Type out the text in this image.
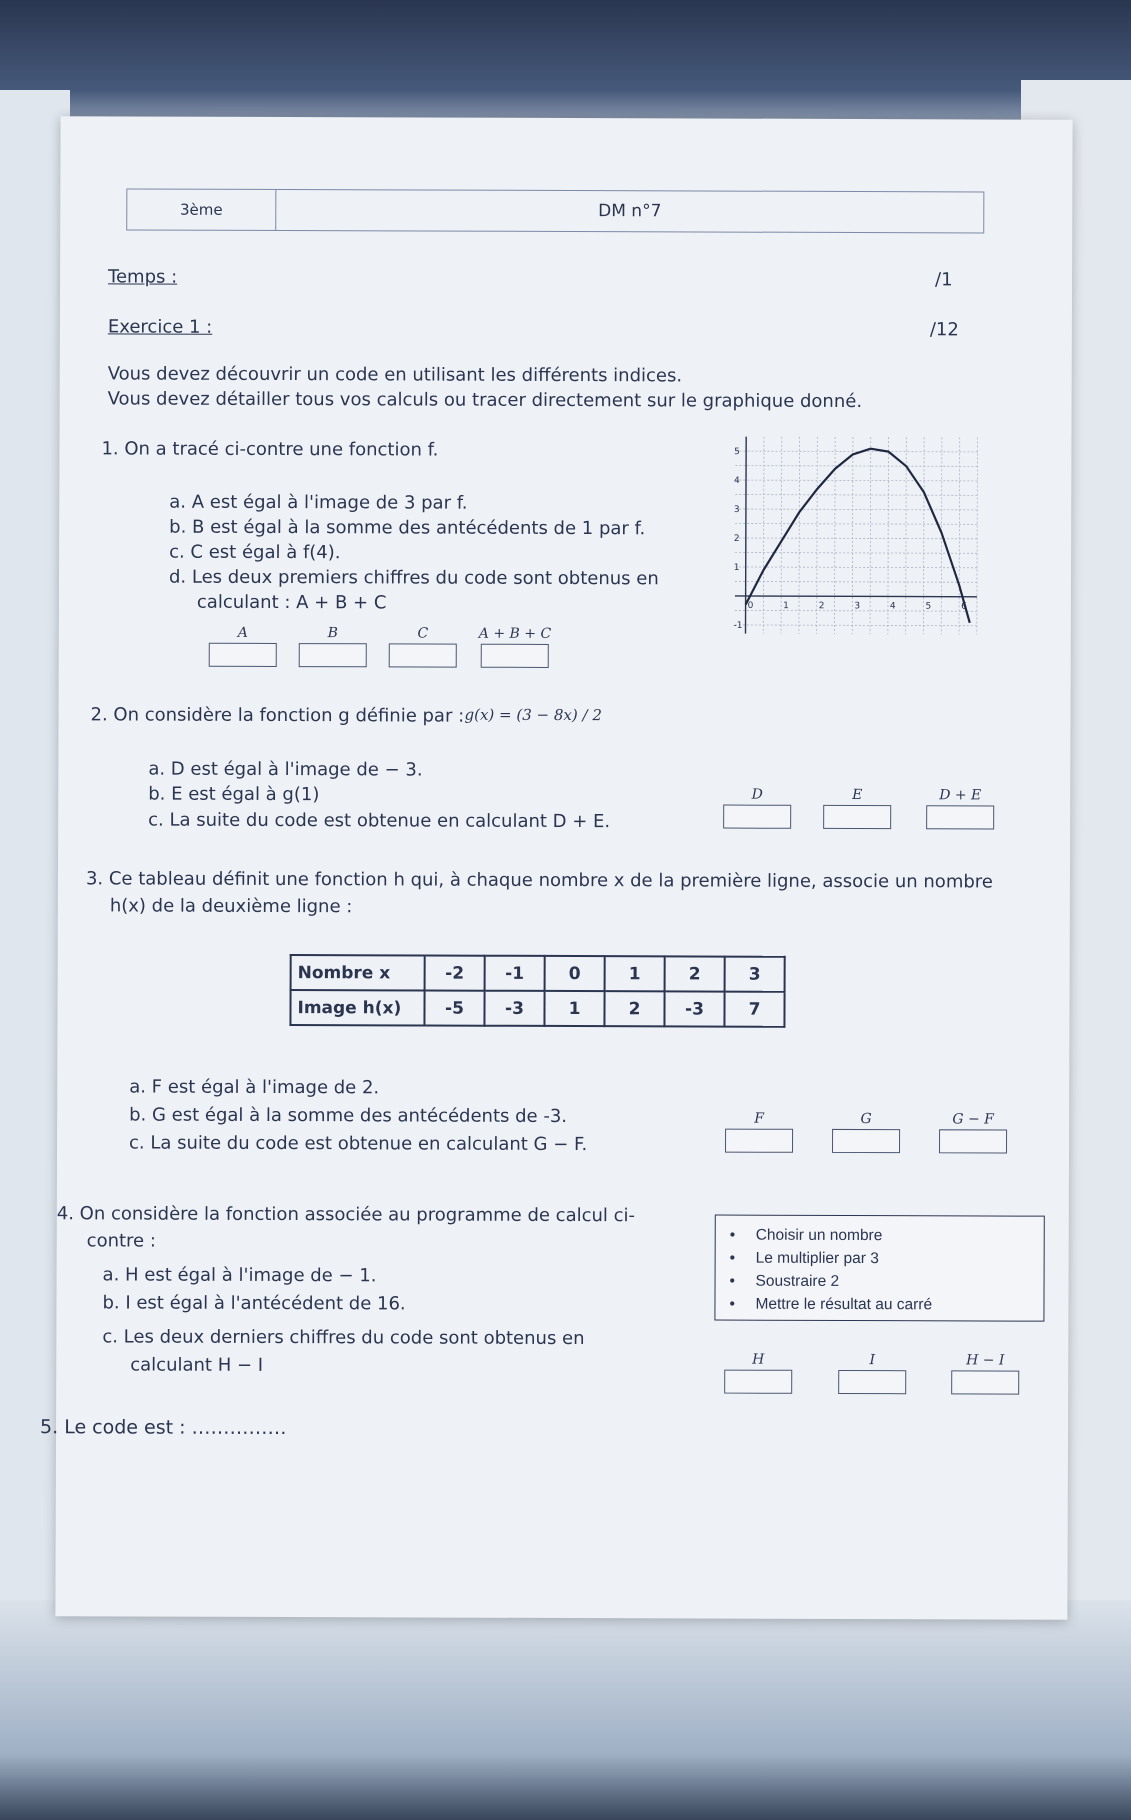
3ème	DM n°7
Temps :	/1
Exercice 1 :	/12
Vous devez découvrir un code en utilisant les différents indices.
Vous devez détailler tous vos calculs ou tracer directement sur le graphique donné.
1. On a tracé ci-contre une fonction f.
a. A est égal à l'image de 3 par f.
b. B est égal à la somme des antécédents de 1 par f.
c. C est égal à f(4).
d. Les deux premiers chiffres du code sont obtenus en
calculant : A + B + C
A	B	C	A + B + C
0	1	2	3	4	5	6
-1
1
2
3
4
5
2. On considère la fonction g définie par : g(x) = (3 − 8x) / 2
a. D est égal à l'image de − 3.
b. E est égal à g(1)
c. La suite du code est obtenue en calculant D + E.
D	E	D + E
3. Ce tableau définit une fonction h qui, à chaque nombre x de la première ligne, associe un nombre
h(x) de la deuxième ligne :
Nombre x	-2	-1	0	1	2	3
Image h(x)	-5	-3	1	2	-3	7
a. F est égal à l'image de 2.
b. G est égal à la somme des antécédents de -3.
c. La suite du code est obtenue en calculant G − F.
F	G	G − F
4. On considère la fonction associée au programme de calcul ci-
contre :
a. H est égal à l'image de − 1.
b. I est égal à l'antécédent de 16.
c. Les deux derniers chiffres du code sont obtenus en
calculant H − I
• Choisir un nombre
• Le multiplier par 3
• Soustraire 2
• Mettre le résultat au carré
H	I	H − I
5. Le code est : ……………
